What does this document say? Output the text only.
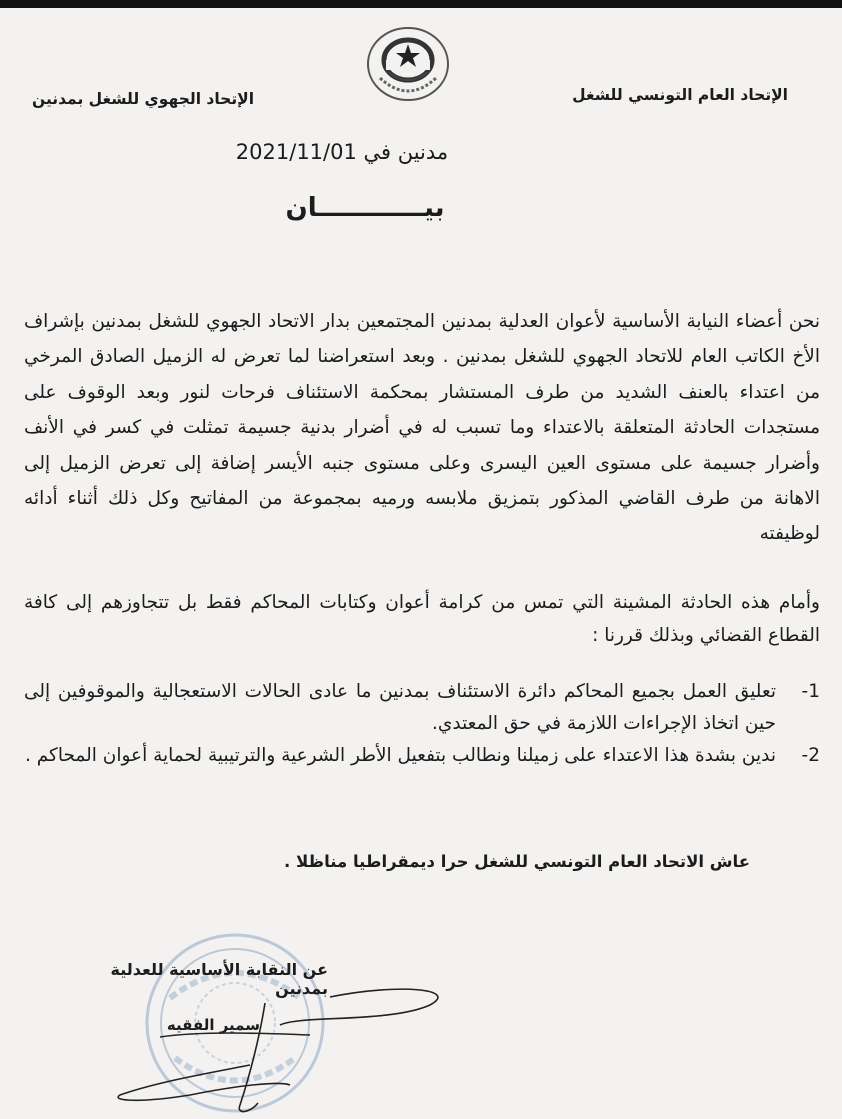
الإتحاد العام التونسي للشغل
الإتحاد الجهوي للشغل بمدنين
مدنين في 2021/11/01
بيــــــــــــان
نحن أعضاء النيابة الأساسية لأعوان العدلية بمدنين المجتمعين بدار الاتحاد الجهوي للشغل بمدنين بإشراف الأخ الكاتب العام للاتحاد الجهوي للشغل بمدنين . وبعد استعراضنا لما تعرض له الزميل الصادق المرخي من اعتداء بالعنف الشديد من طرف المستشار بمحكمة الاستئناف فرحات لنور وبعد الوقوف على مستجدات الحادثة المتعلقة بالاعتداء وما تسبب له في أضرار بدنية جسيمة تمثلت في كسر في الأنف وأضرار جسيمة على مستوى العين اليسرى وعلى مستوى جنبه الأيسر إضافة إلى تعرض الزميل إلى الاهانة من طرف القاضي المذكور بتمزيق ملابسه ورميه بمجموعة من المفاتيح وكل ذلك أثناء أدائه لوظيفته
وأمام هذه الحادثة المشينة التي تمس من كرامة أعوان وكتابات المحاكم فقط بل تتجاوزهم إلى كافة القطاع القضائي وبذلك قررنا :
1-
تعليق العمل بجميع المحاكم دائرة الاستئناف بمدنين ما عادى الحالات الاستعجالية والموقوفين إلى حين اتخاذ الإجراءات اللازمة في حق المعتدي.
2-
ندين بشدة هذا الاعتداء على زميلنا ونطالب بتفعيل الأطر الشرعية والترتيبية لحماية أعوان المحاكم .
عاش الاتحاد العام التونسي للشغل حرا ديمقراطيا مناظلا .
عن النقابة الأساسية للعدلية بمدنين
سمير الفقيه
